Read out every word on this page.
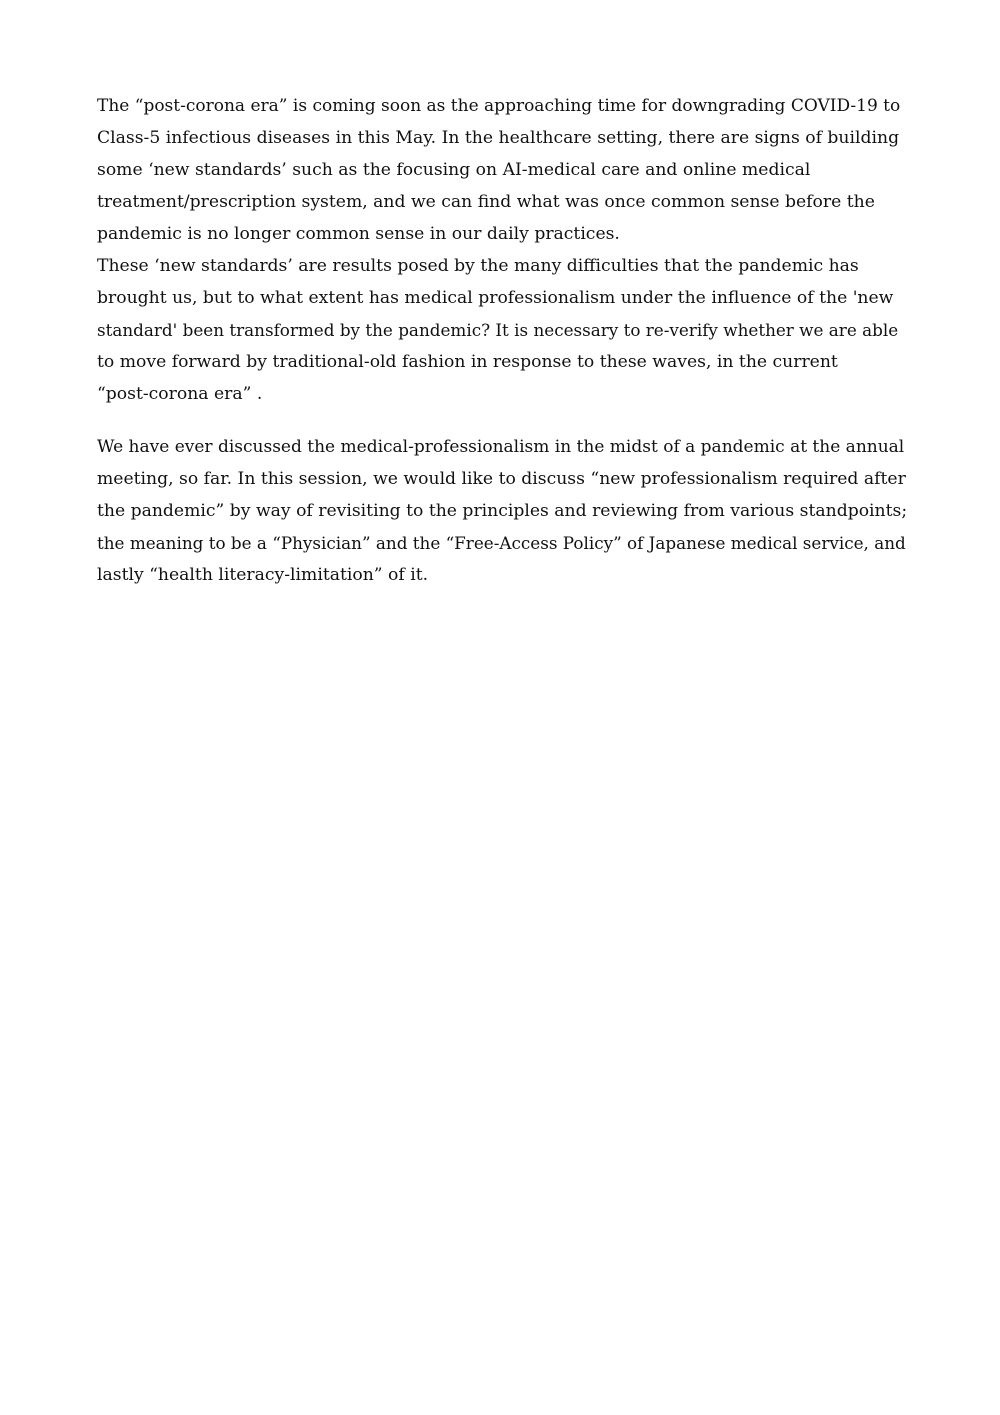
The “post-corona era” is coming soon as the approaching time for downgrading COVID-19 to
Class-5 infectious diseases in this May. In the healthcare setting, there are signs of building
some ‘new standards’ such as the focusing on AI-medical care and online medical
treatment/prescription system, and we can find what was once common sense before the
pandemic is no longer common sense in our daily practices.
These ‘new standards’ are results posed by the many difficulties that the pandemic has
brought us, but to what extent has medical professionalism under the influence of the 'new
standard' been transformed by the pandemic? It is necessary to re-verify whether we are able
to move forward by traditional-old fashion in response to these waves, in the current
“post-corona era” .
We have ever discussed the medical-professionalism in the midst of a pandemic at the annual
meeting, so far. In this session, we would like to discuss “new professionalism required after
the pandemic” by way of revisiting to the principles and reviewing from various standpoints;
the meaning to be a “Physician” and the “Free-Access Policy” of Japanese medical service, and
lastly “health literacy-limitation” of it.
